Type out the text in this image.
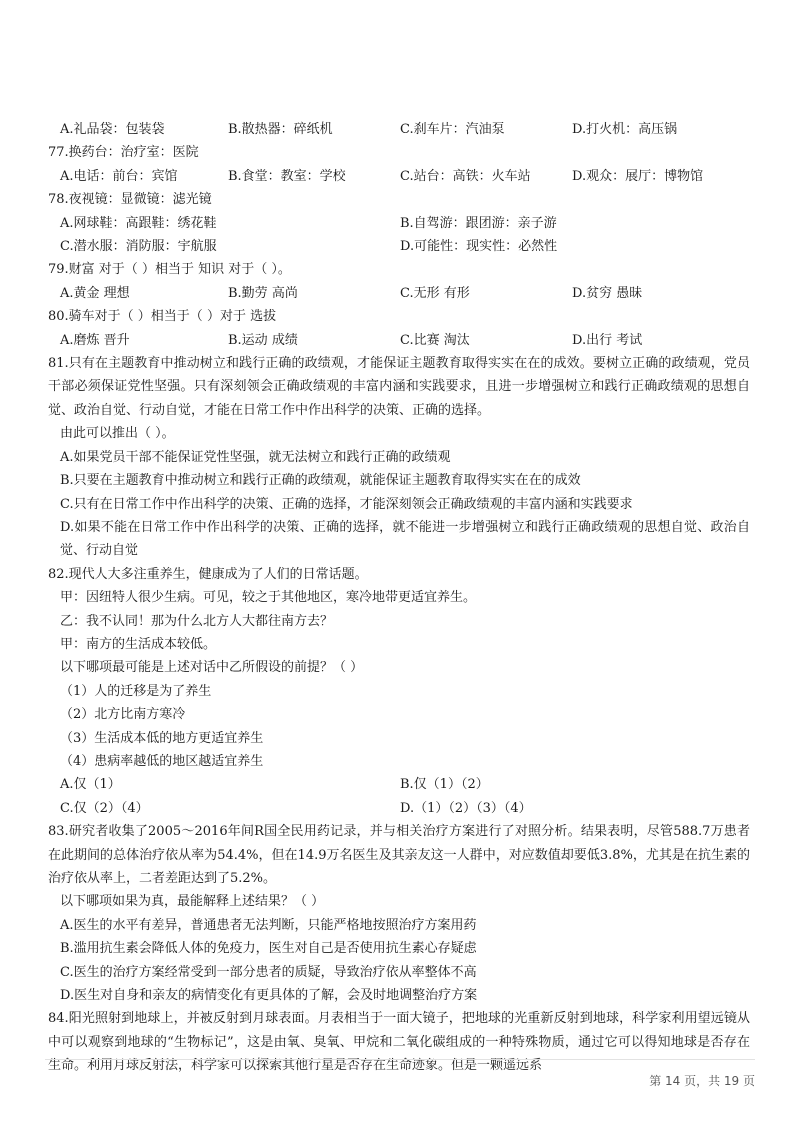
A.礼品袋：包装袋	B.散热器：碎纸机	C.刹车片：汽油泵	D.打火机：高压锅

77.换药台：治疗室：医院

A.电话：前台：宾馆	B.食堂：教室：学校	C.站台：高铁：火车站	D.观众：展厅：博物馆

78.夜视镜：显微镜：滤光镜

A.网球鞋：高跟鞋：绣花鞋	B.自驾游：跟团游：亲子游
C.潜水服：消防服：宇航服	D.可能性：现实性：必然性

79.财富 对于（ ）相当于 知识 对于（ ）。

A.黄金 理想	B.勤劳 高尚	C.无形 有形	D.贫穷 愚昧

80.骑车对于（ ）相当于（ ）对于 选拔

A.磨炼 晋升	B.运动 成绩	C.比赛 淘汰	D.出行 考试

81.只有在主题教育中推动树立和践行正确的政绩观，才能保证主题教育取得实实在在的成效。要树立正确的政绩观，党员干部必须保证党性坚强。只有深刻领会正确政绩观的丰富内涵和实践要求，且进一步增强树立和践行正确政绩观的思想自觉、政治自觉、行动自觉，才能在日常工作中作出科学的决策、正确的选择。

由此可以推出（ ）。

A.如果党员干部不能保证党性坚强，就无法树立和践行正确的政绩观

B.只要在主题教育中推动树立和践行正确的政绩观，就能保证主题教育取得实实在在的成效

C.只有在日常工作中作出科学的决策、正确的选择，才能深刻领会正确政绩观的丰富内涵和实践要求

D.如果不能在日常工作中作出科学的决策、正确的选择，就不能进一步增强树立和践行正确政绩观的思想自觉、政治自觉、行动自觉

82.现代人大多注重养生，健康成为了人们的日常话题。

甲：因纽特人很少生病。可见，较之于其他地区，寒冷地带更适宜养生。

乙：我不认同！那为什么北方人大都往南方去？

甲：南方的生活成本较低。

以下哪项最可能是上述对话中乙所假设的前提？（ ）

（1）人的迁移是为了养生

（2）北方比南方寒冷

（3）生活成本低的地方更适宜养生

（4）患病率越低的地区越适宜养生

A.仅（1）	B.仅（1）（2）
C.仅（2）（4）	D.（1）（2）（3）（4）

83.研究者收集了2005～2016年间R国全民用药记录，并与相关治疗方案进行了对照分析。结果表明，尽管588.7万患者在此期间的总体治疗依从率为54.4%，但在14.9万名医生及其亲友这一人群中，对应数值却要低3.8%，尤其是在抗生素的治疗依从率上，二者差距达到了5.2%。

以下哪项如果为真，最能解释上述结果？（ ）

A.医生的水平有差异，普通患者无法判断，只能严格地按照治疗方案用药

B.滥用抗生素会降低人体的免疫力，医生对自己是否使用抗生素心存疑虑

C.医生的治疗方案经常受到一部分患者的质疑，导致治疗依从率整体不高

D.医生对自身和亲友的病情变化有更具体的了解，会及时地调整治疗方案

84.阳光照射到地球上，并被反射到月球表面。月表相当于一面大镜子，把地球的光重新反射到地球，科学家利用望远镜从中可以观察到地球的“生物标记”，这是由氧、臭氧、甲烷和二氧化碳组成的一种特殊物质，通过它可以得知地球是否存在生命。利用月球反射法，科学家可以探索其他行星是否存在生命迹象。但是一颗遥远系

第 14 页，共 19 页
